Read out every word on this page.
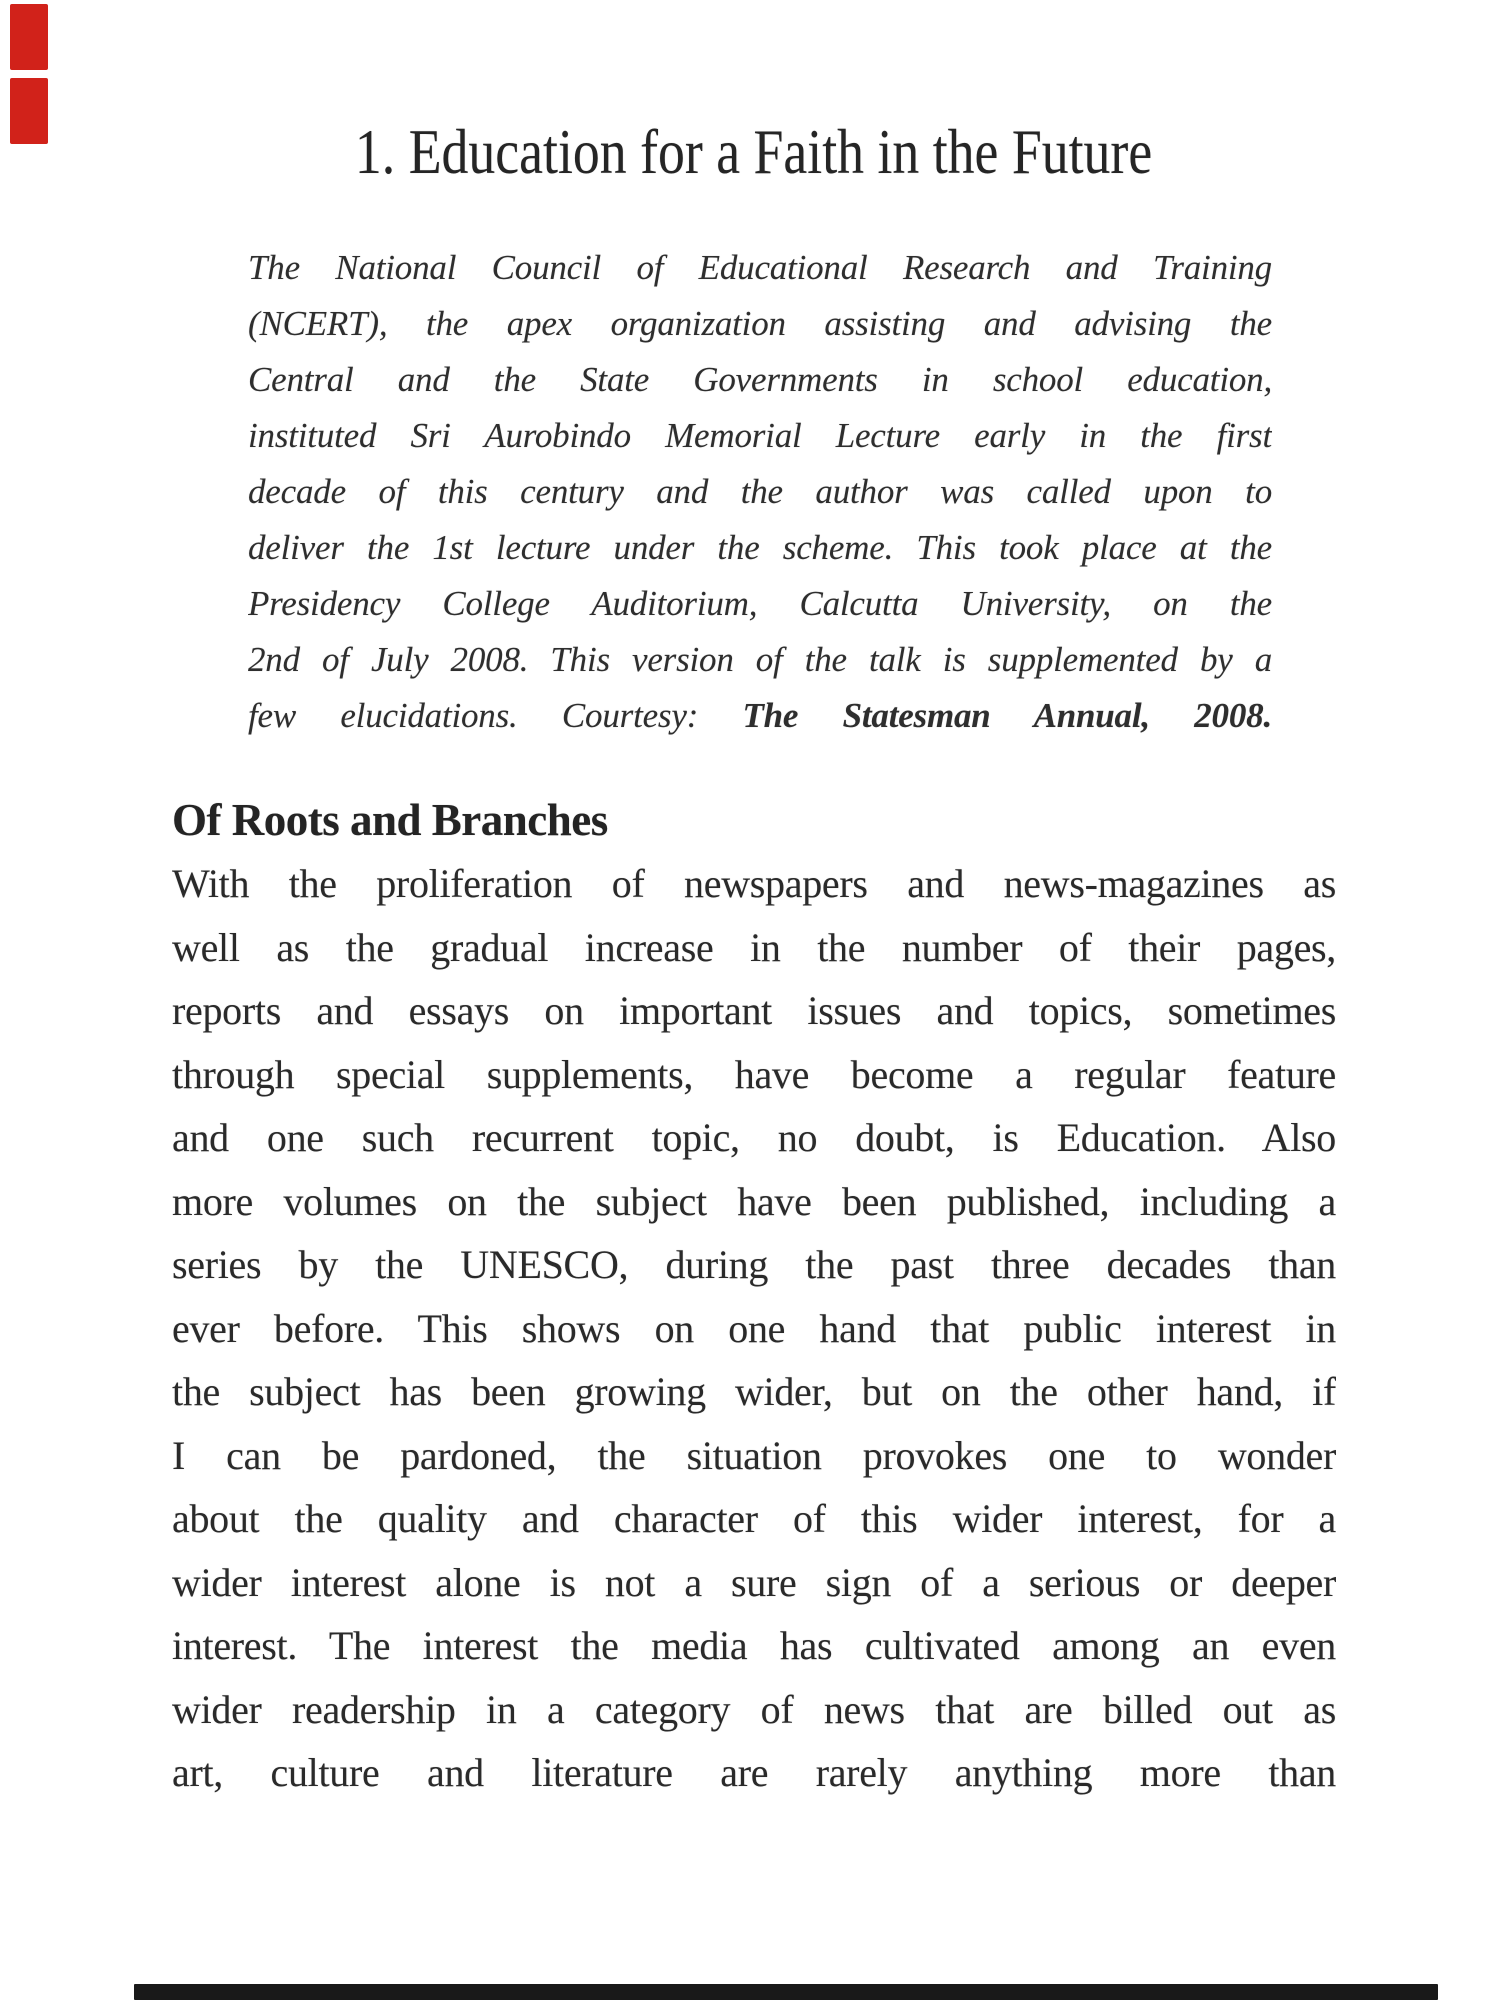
1. Education for a Faith in the Future
The National Council of Educational Research and Training
(NCERT), the apex organization assisting and advising the
Central and the State Governments in school education,
instituted Sri Aurobindo Memorial Lecture early in the first
decade of this century and the author was called upon to
deliver the 1st lecture under the scheme. This took place at the
Presidency College Auditorium, Calcutta University, on the
2nd of July 2008. This version of the talk is supplemented by a
few elucidations. Courtesy: The Statesman Annual, 2008.
Of Roots and Branches
With the proliferation of newspapers and news-magazines as
well as the gradual increase in the number of their pages,
reports and essays on important issues and topics, sometimes
through special supplements, have become a regular feature
and one such recurrent topic, no doubt, is Education. Also
more volumes on the subject have been published, including a
series by the UNESCO, during the past three decades than
ever before. This shows on one hand that public interest in
the subject has been growing wider, but on the other hand, if
I can be pardoned, the situation provokes one to wonder
about the quality and character of this wider interest, for a
wider interest alone is not a sure sign of a serious or deeper
interest. The interest the media has cultivated among an even
wider readership in a category of news that are billed out as
art, culture and literature are rarely anything more than
